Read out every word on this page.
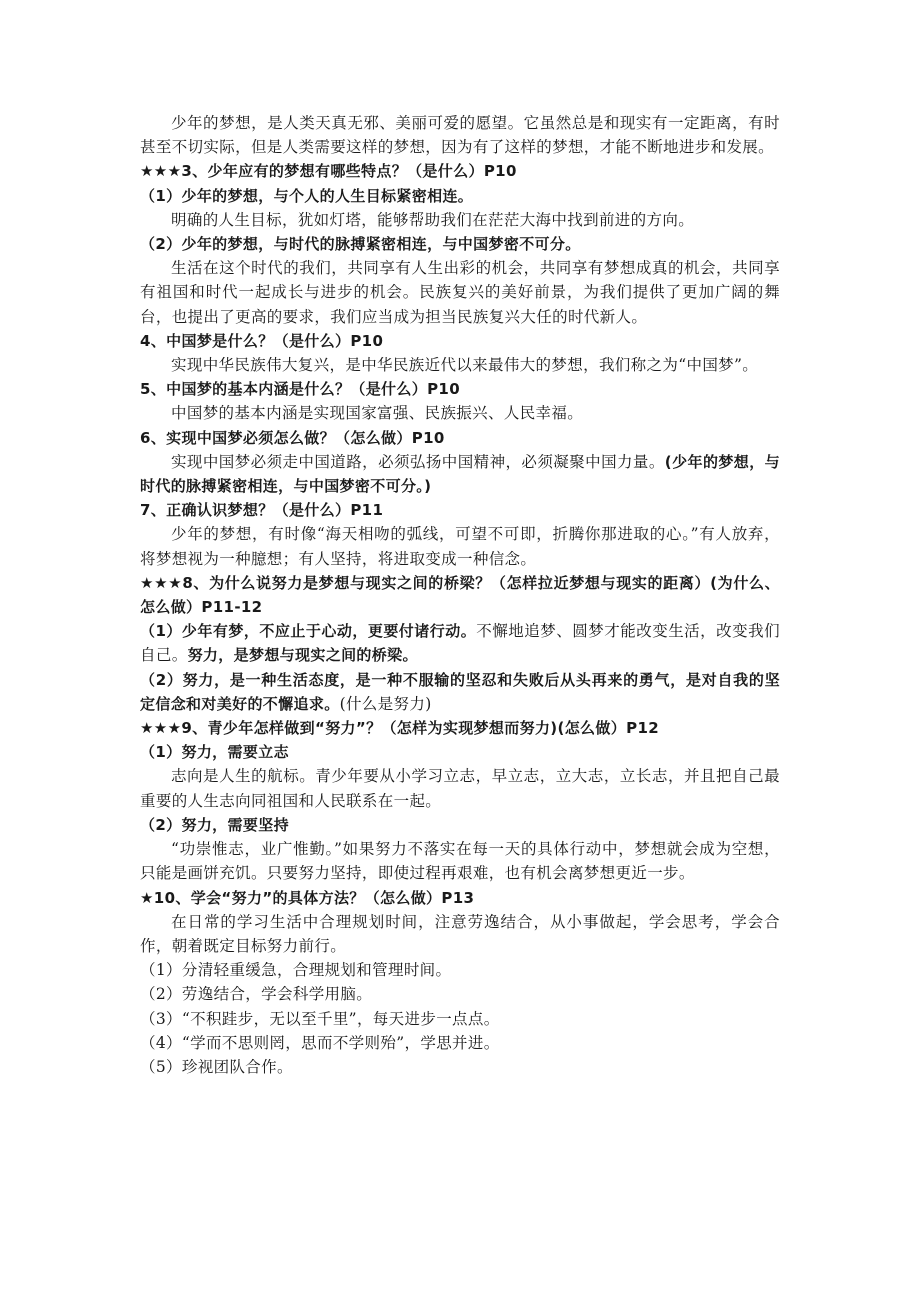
少年的梦想，是人类天真无邪、美丽可爱的愿望。它虽然总是和现实有一定距离，有时甚至不切实际，但是人类需要这样的梦想，因为有了这样的梦想，才能不断地进步和发展。

★★★3、少年应有的梦想有哪些特点？（是什么）P10

（1）少年的梦想，与个人的人生目标紧密相连。

明确的人生目标，犹如灯塔，能够帮助我们在茫茫大海中找到前进的方向。

（2）少年的梦想，与时代的脉搏紧密相连，与中国梦密不可分。

生活在这个时代的我们，共同享有人生出彩的机会，共同享有梦想成真的机会，共同享有祖国和时代一起成长与进步的机会。民族复兴的美好前景，为我们提供了更加广阔的舞台，也提出了更高的要求，我们应当成为担当民族复兴大任的时代新人。

4、中国梦是什么？（是什么）P10

实现中华民族伟大复兴，是中华民族近代以来最伟大的梦想，我们称之为“中国梦”。

5、中国梦的基本内涵是什么？（是什么）P10

中国梦的基本内涵是实现国家富强、民族振兴、人民幸福。

6、实现中国梦必须怎么做？（怎么做）P10

实现中国梦必须走中国道路，必须弘扬中国精神，必须凝聚中国力量。(少年的梦想，与时代的脉搏紧密相连，与中国梦密不可分。)

7、正确认识梦想？（是什么）P11

少年的梦想，有时像“海天相吻的弧线，可望不可即，折腾你那进取的心。”有人放弃，将梦想视为一种臆想；有人坚持，将进取变成一种信念。

★★★8、为什么说努力是梦想与现实之间的桥梁？（怎样拉近梦想与现实的距离）(为什么、怎么做）P11-12

（1）少年有梦，不应止于心动，更要付诸行动。不懈地追梦、圆梦才能改变生活，改变我们自己。努力，是梦想与现实之间的桥梁。

（2）努力，是一种生活态度，是一种不服输的坚忍和失败后从头再来的勇气，是对自我的坚定信念和对美好的不懈追求。(什么是努力)

★★★9、青少年怎样做到“努力”？（怎样为实现梦想而努力)(怎么做）P12

（1）努力，需要立志

志向是人生的航标。青少年要从小学习立志，早立志，立大志，立长志，并且把自己最重要的人生志向同祖国和人民联系在一起。

（2）努力，需要坚持

“功崇惟志，业广惟勤。”如果努力不落实在每一天的具体行动中，梦想就会成为空想，只能是画饼充饥。只要努力坚持，即使过程再艰难，也有机会离梦想更近一步。

★10、学会“努力”的具体方法？（怎么做）P13

在日常的学习生活中合理规划时间，注意劳逸结合，从小事做起，学会思考，学会合作，朝着既定目标努力前行。

（1）分清轻重缓急，合理规划和管理时间。

（2）劳逸结合，学会科学用脑。

（3）“不积跬步，无以至千里”，每天进步一点点。

（4）“学而不思则罔，思而不学则殆”，学思并进。

（5）珍视团队合作。
